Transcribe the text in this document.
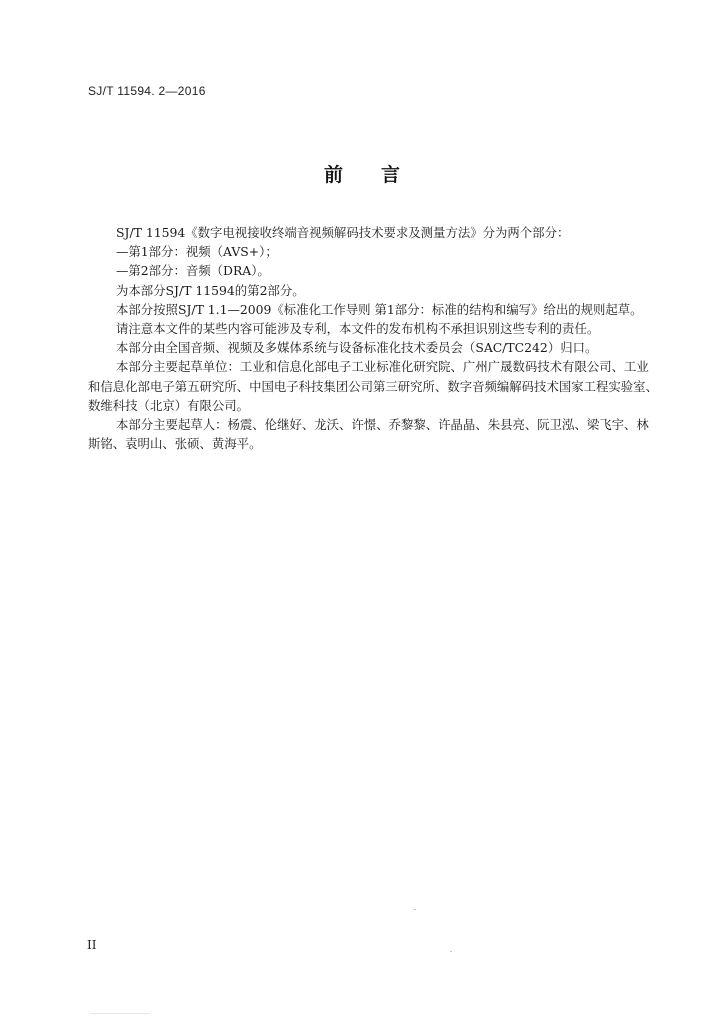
SJ/T 11594. 2—2016
前言

SJ/T 11594《数字电视接收终端音视频解码技术要求及测量方法》分为两个部分：

—第1部分：视频（AVS+）；

—第2部分：音频（DRA）。

为本部分SJ/T 11594的第2部分。

本部分按照SJ/T 1.1—2009《标准化工作导则 第1部分：标准的结构和编写》给出的规则起草。

请注意本文件的某些内容可能涉及专利，本文件的发布机构不承担识别这些专利的责任。

本部分由全国音频、视频及多媒体系统与设备标准化技术委员会（SAC/TC242）归口。

本部分主要起草单位：工业和信息化部电子工业标准化研究院、广州广晟数码技术有限公司、工业

和信息化部电子第五研究所、中国电子科技集团公司第三研究所、数字音频编解码技术国家工程实验室、

数维科技（北京）有限公司。

本部分主要起草人：杨震、伦继好、龙沃、许憬、乔黎黎、许晶晶、朱县亮、阮卫泓、梁飞宇、林

斯铭、袁明山、张硕、黄海平。

II
